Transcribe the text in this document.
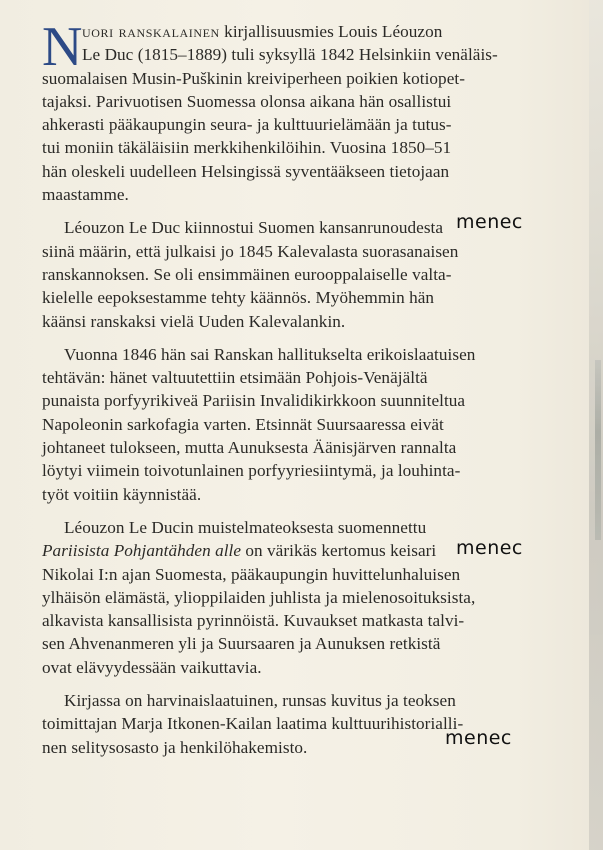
N uori ranskalainen kirjallisuusmies Louis Léouzon
Le Duc (1815–1889) tuli syksyllä 1842 Helsinkiin venäläis-
suomalaisen Musin-Puškinin kreiviperheen poikien kotiopet-
tajaksi. Parivuotisen Suomessa olonsa aikana hän osallistui
ahkerasti pääkaupungin seura- ja kulttuurielämään ja tutus-
tui moniin täkäläisiin merkkihenkilöihin. Vuosina 1850–51
hän oleskeli uudelleen Helsingissä syventääkseen tietojaan
maastamme.
Léouzon Le Duc kiinnostui Suomen kansanrunoudesta
siinä määrin, että julkaisi jo 1845 Kalevalasta suorasanaisen
ranskannoksen. Se oli ensimmäinen eurooppalaiselle valta-
kielelle eepoksestamme tehty käännös. Myöhemmin hän
käänsi ranskaksi vielä Uuden Kalevalankin.
Vuonna 1846 hän sai Ranskan hallitukselta erikoislaatuisen
tehtävän: hänet valtuutettiin etsimään Pohjois-Venäjältä
punaista porfyyrikiveä Pariisin Invalidikirkkoon suunniteltua
Napoleonin sarkofagia varten. Etsinnät Suursaaressa eivät
johtaneet tulokseen, mutta Aunuksesta Äänisjärven rannalta
löytyi viimein toivotunlainen porfyyriesiintymä, ja louhinta-
työt voitiin käynnistää.
Léouzon Le Ducin muistelmateoksesta suomennettu
Pariisista Pohjantähden alle on värikäs kertomus keisari
Nikolai I:n ajan Suomesta, pääkaupungin huvittelunhaluisen
ylhäisön elämästä, ylioppilaiden juhlista ja mielenosoituksista,
alkavista kansallisista pyrinnöistä. Kuvaukset matkasta talvi-
sen Ahvenanmeren yli ja Suursaaren ja Aunuksen retkistä
ovat elävyydessään vaikuttavia.
Kirjassa on harvinaislaatuinen, runsas kuvitus ja teoksen
toimittajan Marja Itkonen-Kailan laatima kulttuurihistorialli-
nen selitysosasto ja henkilöhakemisto.
menec
menec
menec
